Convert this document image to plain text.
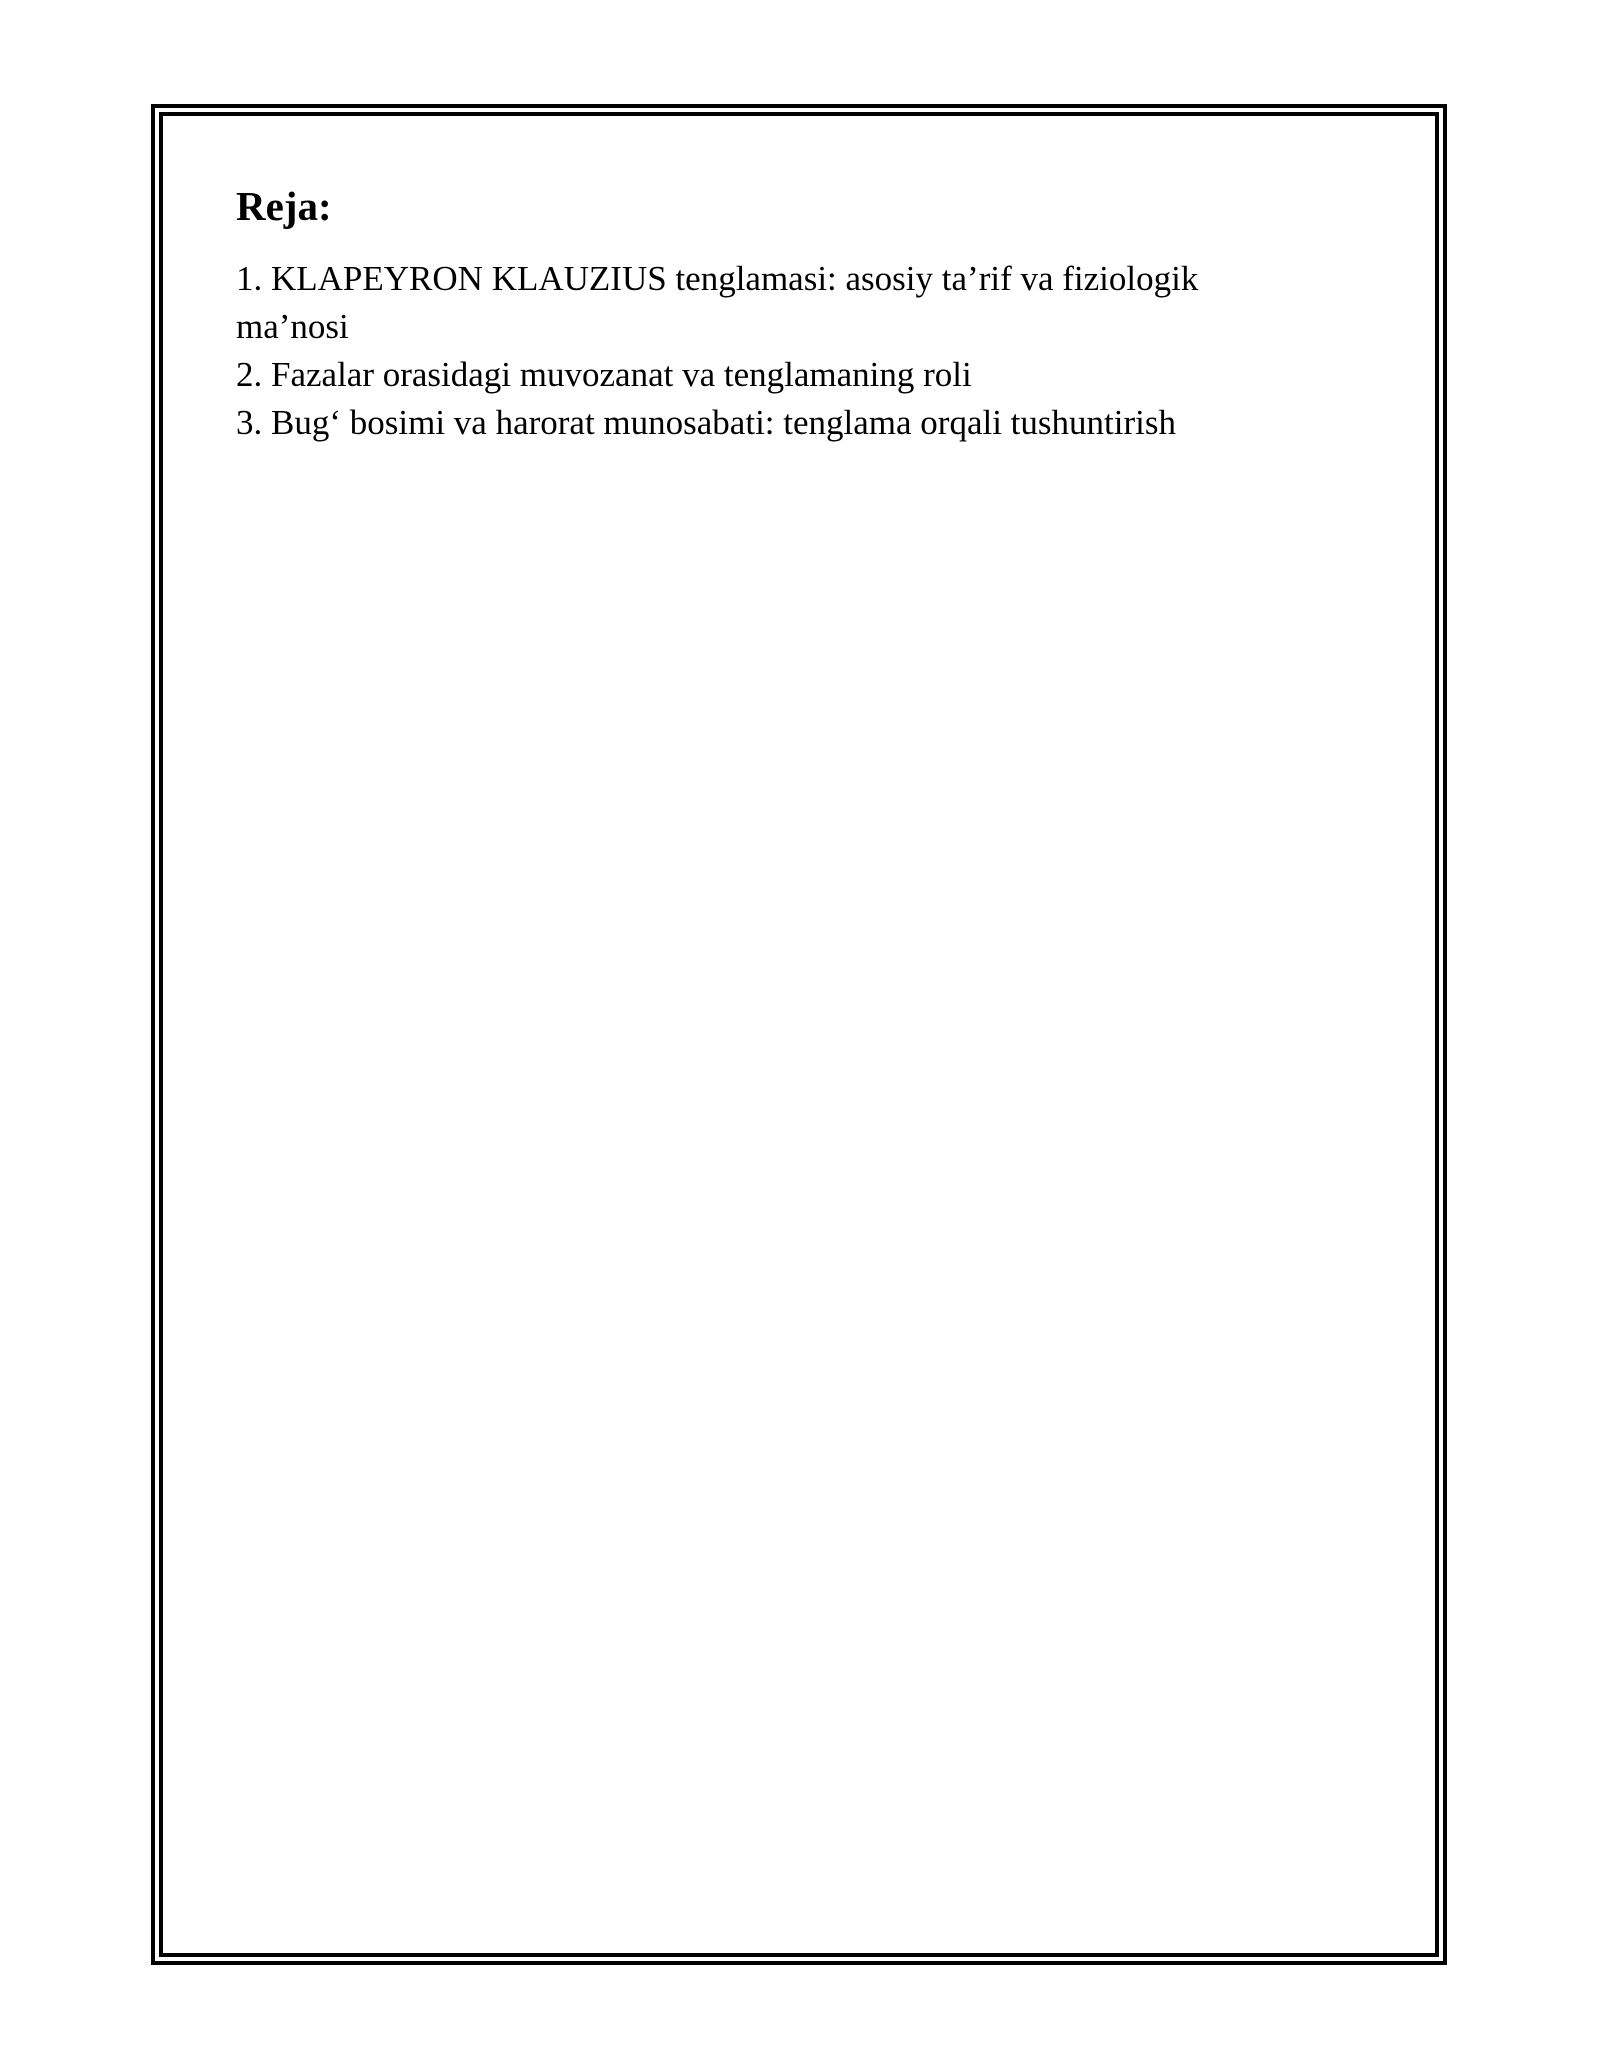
Reja:
1. KLAPEYRON KLAUZIUS tenglamasi: asosiy ta’rif va fiziologik ma’nosi
2. Fazalar orasidagi muvozanat va tenglamaning roli
3. Bug‘ bosimi va harorat munosabati: tenglama orqali tushuntirish
